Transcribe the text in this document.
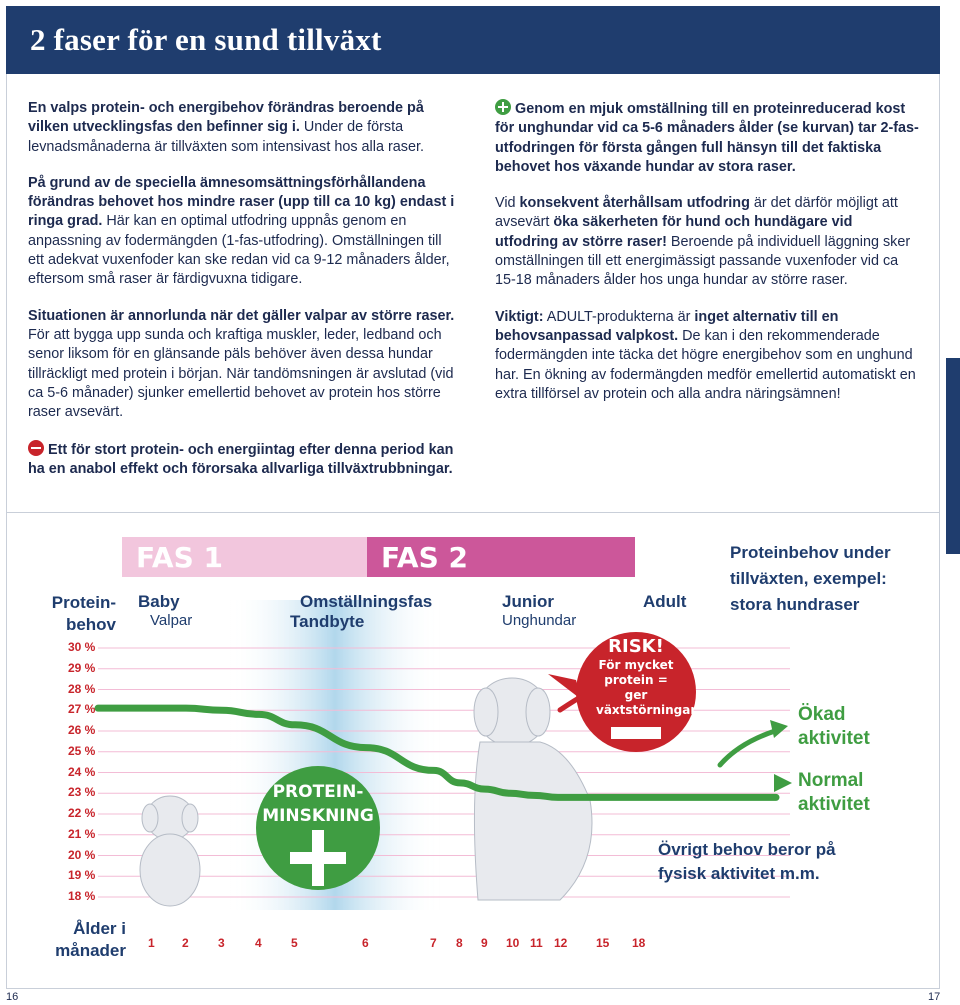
2 faser för en sund tillväxt

En valps protein- och energibehov förändras beroende på vilken utvecklingsfas den befinner sig i. Under de första levnadsmånaderna är tillväxten som intensivast hos alla raser.

På grund av de speciella ämnesomsättningsförhållandena förändras behovet hos mindre raser (upp till ca 10 kg) endast i ringa grad. Här kan en optimal utfodring uppnås genom en anpassning av fodermängden (1-fas-utfodring). Omställningen till ett adekvat vuxenfoder kan ske redan vid ca 9-12 månaders ålder, eftersom små raser är färdigvuxna tidigare.

Situationen är annorlunda när det gäller valpar av större raser. För att bygga upp sunda och kraftiga muskler, leder, ledband och senor liksom för en glänsande päls behöver även dessa hundar tillräckligt med protein i början. När tandömsningen är avslutad (vid ca 5-6 månader) sjunker emellertid behovet av protein hos större raser avsevärt.

Ett för stort protein- och energiintag efter denna period kan ha en anabol effekt och förorsaka allvarliga tillväxtrubbningar.

Genom en mjuk omställning till en proteinreducerad kost för unghundar vid ca 5-6 månaders ålder (se kurvan) tar 2-fas-utfodringen för första gången full hänsyn till det faktiska behovet hos växande hundar av stora raser.

Vid konsekvent återhållsam utfodring är det därför möjligt att avsevärt öka säkerheten för hund och hundägare vid utfodring av större raser! Beroende på individuell läggning sker omställningen till ett energimässigt passande vuxenfoder vid ca 15-18 månaders ålder hos unga hundar av större raser.

Viktigt: ADULT-produkterna är inget alternativ till en behovsanpassad valpkost. De kan i den rekommenderade fodermängden inte täcka det högre energibehov som en unghund har. En ökning av fodermängden medför emellertid automatiskt en extra tillförsel av protein och alla andra näringsämnen!

FAS 1	FAS 2
Protein-
behov
30 %
29 %
28 %
27 %
26 %
25 %
24 %
23 %
22 %
21 %
20 %
19 %
18 %
Ålder i
månader 1 2 3	4 5	6	7 8 9 10 11 12 15 18
Baby
Valpar
Omställningsfas
Tandbyte
Junior
Unghundar
Adult
Proteinbehov under tillväxten, exempel: stora hundraser
RISK!
För mycket protein = ger växtstörningar
PROTEIN-
MINSKNING
Ökad
aktivitet
Normal
aktivitet
Övrigt behov beror på
fysisk aktivitet m.m.
16	17
